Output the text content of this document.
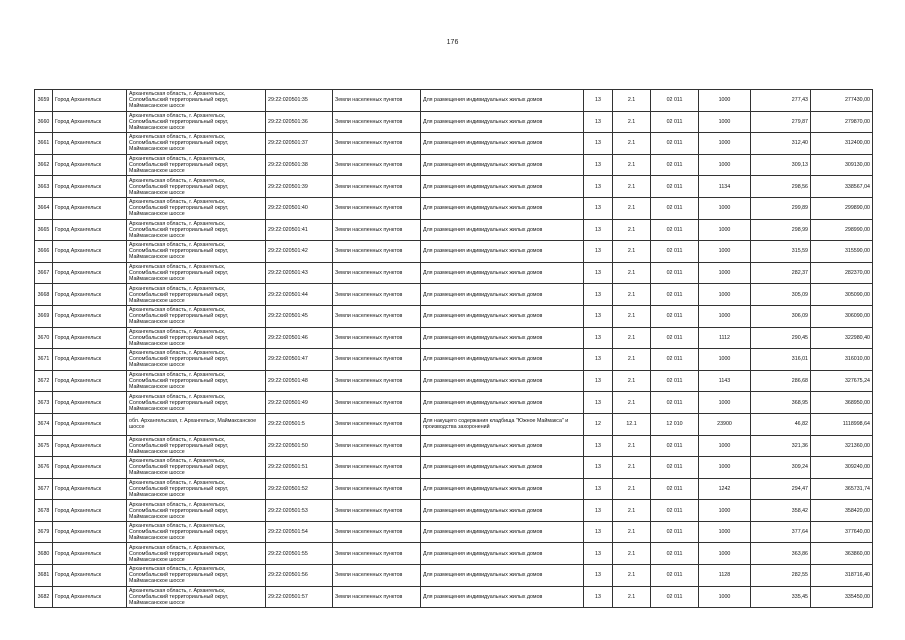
176
3659	Город Архангельск	Архангельская область, г. Архангельск, Соломбальский территориальный округ, Маймаксанское шоссе	29:22:020501:35	Земли населенных пунктов	Для размещения индивидуальных жилых домов	13	2.1	02 011	1000	277,43	277430,00
3660	Город Архангельск	Архангельская область, г. Архангельск, Соломбальский территориальный округ, Маймаксанское шоссе	29:22:020501:36	Земли населенных пунктов	Для размещения индивидуальных жилых домов	13	2.1	02 011	1000	279,87	279870,00
3661	Город Архангельск	Архангельская область, г. Архангельск, Соломбальский территориальный округ, Маймаксанское шоссе	29:22:020501:37	Земли населенных пунктов	Для размещения индивидуальных жилых домов	13	2.1	02 011	1000	312,40	312400,00
3662	Город Архангельск	Архангельская область, г. Архангельск, Соломбальский территориальный округ, Маймаксанское шоссе	29:22:020501:38	Земли населенных пунктов	Для размещения индивидуальных жилых домов	13	2.1	02 011	1000	309,13	309130,00
3663	Город Архангельск	Архангельская область, г. Архангельск, Соломбальский территориальный округ, Маймаксанское шоссе	29:22:020501:39	Земли населенных пунктов	Для размещения индивидуальных жилых домов	13	2.1	02 011	1134	298,56	338567,04
3664	Город Архангельск	Архангельская область, г. Архангельск, Соломбальский территориальный округ, Маймаксанское шоссе	29:22:020501:40	Земли населенных пунктов	Для размещения индивидуальных жилых домов	13	2.1	02 011	1000	299,89	299890,00
3665	Город Архангельск	Архангельская область, г. Архангельск, Соломбальский территориальный округ, Маймаксанское шоссе	29:22:020501:41	Земли населенных пунктов	Для размещения индивидуальных жилых домов	13	2.1	02 011	1000	298,99	298990,00
3666	Город Архангельск	Архангельская область, г. Архангельск, Соломбальский территориальный округ, Маймаксанское шоссе	29:22:020501:42	Земли населенных пунктов	Для размещения индивидуальных жилых домов	13	2.1	02 011	1000	315,59	315590,00
3667	Город Архангельск	Архангельская область, г. Архангельск, Соломбальский территориальный округ, Маймаксанское шоссе	29:22:020501:43	Земли населенных пунктов	Для размещения индивидуальных жилых домов	13	2.1	02 011	1000	282,37	282370,00
3668	Город Архангельск	Архангельская область, г. Архангельск, Соломбальский территориальный округ, Маймаксанское шоссе	29:22:020501:44	Земли населенных пунктов	Для размещения индивидуальных жилых домов	13	2.1	02 011	1000	305,09	305090,00
3669	Город Архангельск	Архангельская область, г. Архангельск, Соломбальский территориальный округ, Маймаксанское шоссе	29:22:020501:45	Земли населенных пунктов	Для размещения индивидуальных жилых домов	13	2.1	02 011	1000	306,09	306090,00
3670	Город Архангельск	Архангельская область, г. Архангельск, Соломбальский территориальный округ, Маймаксанское шоссе	29:22:020501:46	Земли населенных пунктов	Для размещения индивидуальных жилых домов	13	2.1	02 011	1112	290,45	322980,40
3671	Город Архангельск	Архангельская область, г. Архангельск, Соломбальский территориальный округ, Маймаксанское шоссе	29:22:020501:47	Земли населенных пунктов	Для размещения индивидуальных жилых домов	13	2.1	02 011	1000	316,01	316010,00
3672	Город Архангельск	Архангельская область, г. Архангельск, Соломбальский территориальный округ, Маймаксанское шоссе	29:22:020501:48	Земли населенных пунктов	Для размещения индивидуальных жилых домов	13	2.1	02 011	1143	286,68	327675,24
3673	Город Архангельск	Архангельская область, г. Архангельск, Соломбальский территориальный округ, Маймаксанское шоссе	29:22:020501:49	Земли населенных пунктов	Для размещения индивидуальных жилых домов	13	2.1	02 011	1000	368,95	368950,00
3674	Город Архангельск	обл. Архангельская, г. Архангельск, Маймаксанское шоссе	29:22:020501:5	Земли населенных пунктов	Для накущего содержания кладбища "Южное Маймакса" и производства захоронений	12	12.1	12 010	23900	46,82	1118998,64
3675	Город Архангельск	Архангельская область, г. Архангельск, Соломбальский территориальный округ, Маймаксанское шоссе	29:22:020501:50	Земли населенных пунктов	Для размещения индивидуальных жилых домов	13	2.1	02 011	1000	321,36	321360,00
3676	Город Архангельск	Архангельская область, г. Архангельск, Соломбальский территориальный округ, Маймаксанское шоссе	29:22:020501:51	Земли населенных пунктов	Для размещения индивидуальных жилых домов	13	2.1	02 011	1000	309,24	309240,00
3677	Город Архангельск	Архангельская область, г. Архангельск, Соломбальский территориальный округ, Маймаксанское шоссе	29:22:020501:52	Земли населенных пунктов	Для размещения индивидуальных жилых домов	13	2.1	02 011	1242	294,47	365731,74
3678	Город Архангельск	Архангельская область, г. Архангельск, Соломбальский территориальный округ, Маймаксанское шоссе	29:22:020501:53	Земли населенных пунктов	Для размещения индивидуальных жилых домов	13	2.1	02 011	1000	358,42	358420,00
3679	Город Архангельск	Архангельская область, г. Архангельск, Соломбальский территориальный округ, Маймаксанское шоссе	29:22:020501:54	Земли населенных пунктов	Для размещения индивидуальных жилых домов	13	2.1	02 011	1000	377,64	377640,00
3680	Город Архангельск	Архангельская область, г. Архангельск, Соломбальский территориальный округ, Маймаксанское шоссе	29:22:020501:55	Земли населенных пунктов	Для размещения индивидуальных жилых домов	13	2.1	02 011	1000	363,86	363860,00
3681	Город Архангельск	Архангельская область, г. Архангельск, Соломбальский территориальный округ, Маймаксанское шоссе	29:22:020501:56	Земли населенных пунктов	Для размещения индивидуальных жилых домов	13	2.1	02 011	1128	282,55	318716,40
3682	Город Архангельск	Архангельская область, г. Архангельск, Соломбальский территориальный округ, Маймаксанское шоссе	29:22:020501:57	Земли населенных пунктов	Для размещения индивидуальных жилых домов	13	2.1	02 011	1000	335,45	335450,00
